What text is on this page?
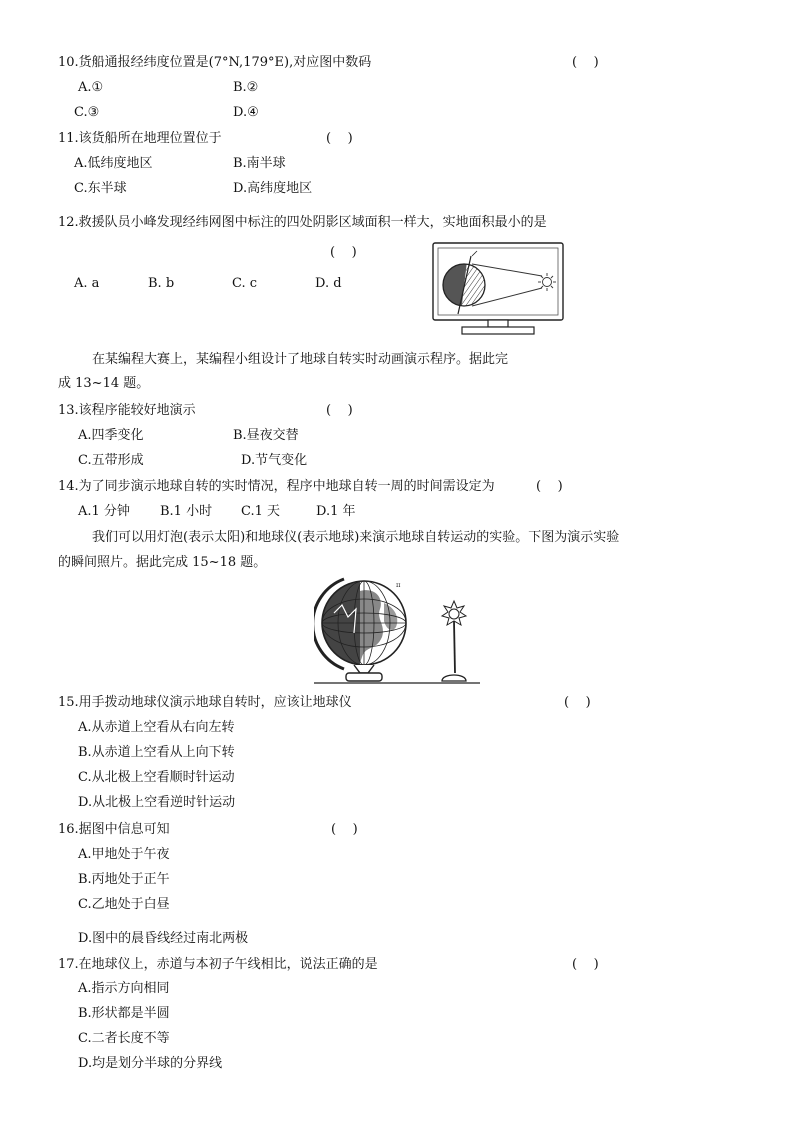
10.货船通报经纬度位置是(7°N,179°E),对应图中数码	(    )
A.①	B.②
C.③	D.④
11.该货船所在地理位置位于	(    )
A.低纬度地区	B.南半球
C.东半球	D.高纬度地区
12.救援队员小峰发现经纬网图中标注的四处阴影区域面积一样大，实地面积最小的是
(    )
A. a	B. b	C. c	D. d
在某编程大赛上，某编程小组设计了地球自转实时动画演示程序。据此完
成 13~14 题。
13.该程序能较好地演示	(    )
A.四季变化	B.昼夜交替
C.五带形成	D.节气变化
14.为了同步演示地球自转的实时情况，程序中地球自转一周的时间需设定为	(    )
A.1 分钟 B.1 小时 C.1 天	D.1 年
我们可以用灯泡(表示太阳)和地球仪(表示地球)来演示地球自转运动的实验。下图为演示实验
的瞬间照片。据此完成 15~18 题。
ɪɪ
15.用手拨动地球仪演示地球自转时，应该让地球仪	(    )
A.从赤道上空看从右向左转
B.从赤道上空看从上向下转
C.从北极上空看顺时针运动
D.从北极上空看逆时针运动
16.据图中信息可知	(    )
A.甲地处于午夜
B.丙地处于正午
C.乙地处于白昼
D.图中的晨昏线经过南北两极
17.在地球仪上，赤道与本初子午线相比，说法正确的是	(    )
A.指示方向相同
B.形状都是半圆
C.二者长度不等
D.均是划分半球的分界线
